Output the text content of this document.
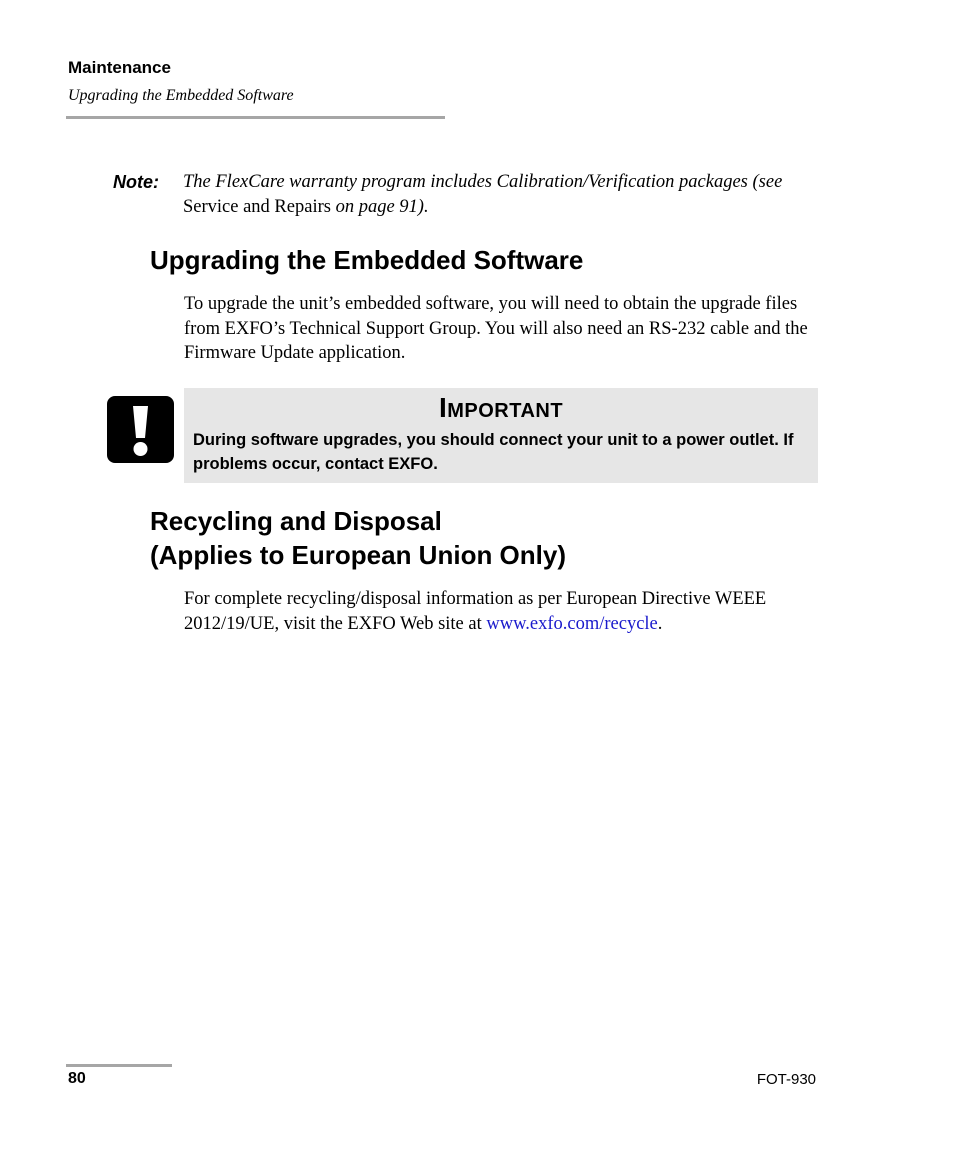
Maintenance
Upgrading the Embedded Software
Note:	The FlexCare warranty program includes Calibration/Verification packages (see Service and Repairs on page 91).
Upgrading the Embedded Software

To upgrade the unit’s embedded software, you will need to obtain the upgrade files from EXFO’s Technical Support Group. You will also need an RS-232 cable and the Firmware Update application.

Important
During software upgrades, you should connect your unit to a power outlet. If problems occur, contact EXFO.
Recycling and Disposal
(Applies to European Union Only)

For complete recycling/disposal information as per European Directive WEEE 2012/19/UE, visit the EXFO Web site at www.exfo.com/recycle.

80	FOT-930
